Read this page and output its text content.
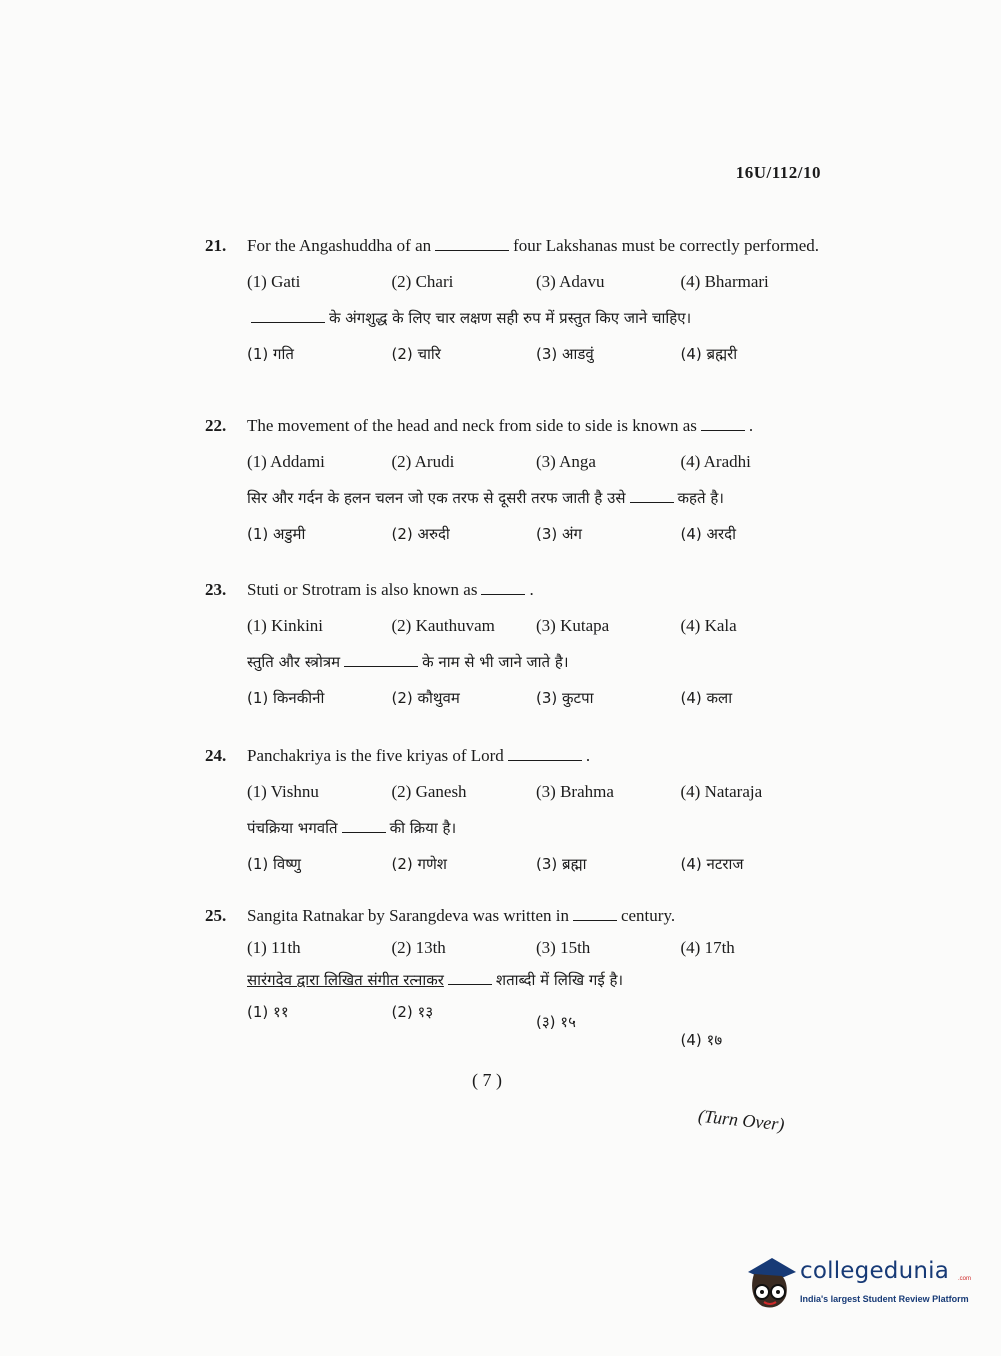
16U/112/10
21.	For the Angashuddha of an	four Lakshanas must be correctly performed.
(1) Gati	(2) Chari	(3) Adavu	(4) Bharmari
के अंगशुद्ध के लिए चार लक्षण सही रुप में प्रस्तुत किए जाने चाहिए।
(1) गति	(2) चारि	(3) आडवुं	(4) ब्रह्मरी
22.	The movement of the head and neck from side to side is known as	.
(1) Addami	(2) Arudi	(3) Anga	(4) Aradhi
सिर और गर्दन के हलन चलन जो एक तरफ से दूसरी तरफ जाती है उसे	कहते है।
(1) अडुमी	(2) अरुदी	(3) अंग	(4) अरदी
23.	Stuti or Strotram is also known as	.
(1) Kinkini	(2) Kauthuvam	(3) Kutapa	(4) Kala
स्तुति और स्त्रोत्रम	के नाम से भी जाने जाते है।
(1) किनकीनी	(2) कौथुवम	(3) कुटपा	(4) कला
24.	Panchakriya is the five kriyas of Lord	.
(1) Vishnu	(2) Ganesh	(3) Brahma	(4) Nataraja
पंचक्रिया भगवति	की क्रिया है।
(1) विष्णु	(2) गणेश	(3) ब्रह्मा	(4) नटराज
25.	Sangita Ratnakar by Sarangdeva was written in	century.
(1) 11th	(2) 13th	(3) 15th	(4) 17th
सारंगदेव द्वारा लिखित संगीत रत्नाकर	शताब्दी में लिखि गई है।
(1) ११	(2) १३
(३) १५
(4) १७
( 7 )
(Turn Over)
collegedunia .com
India's largest Student Review Platform
